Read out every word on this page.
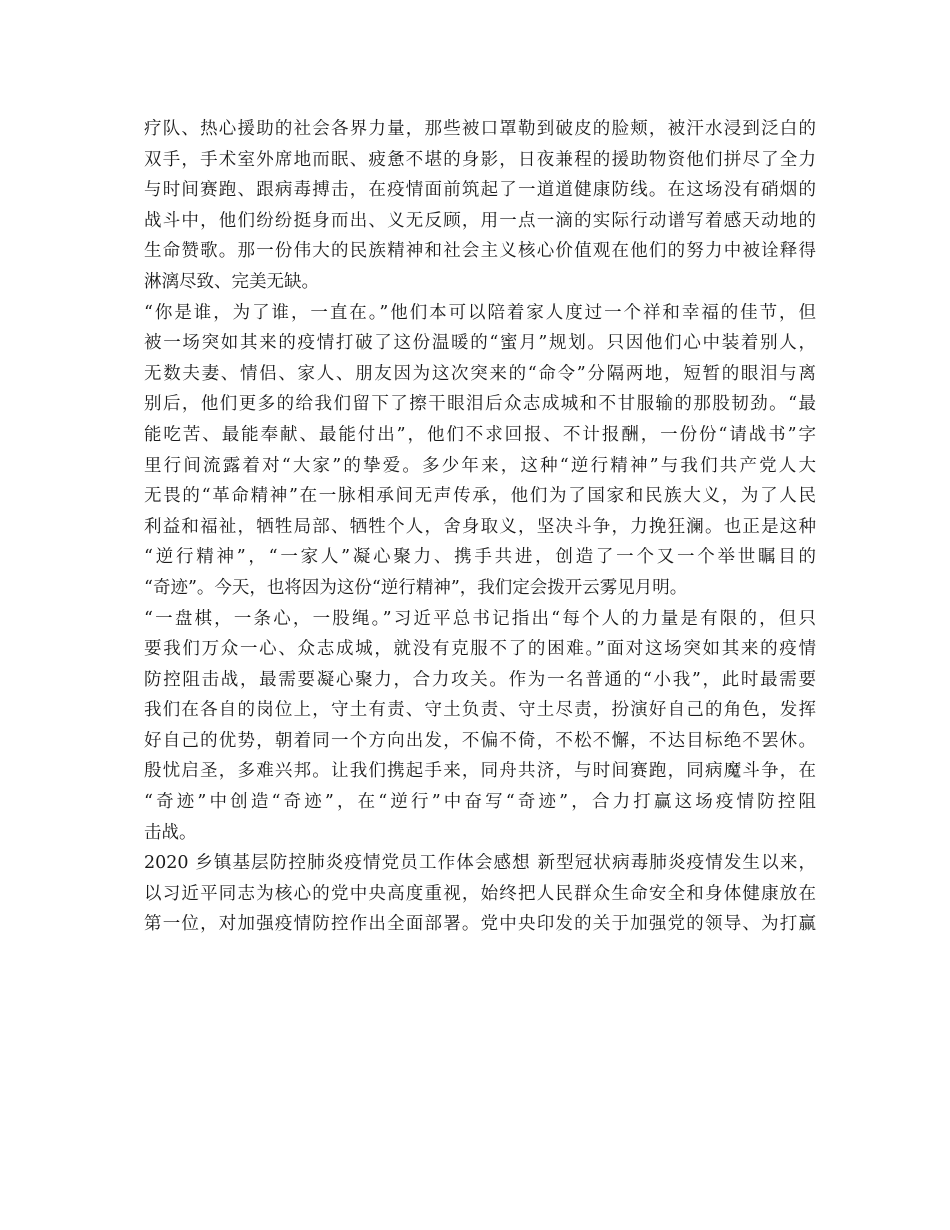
疗队、热心援助的社会各界力量，那些被口罩勒到破皮的脸颊，被汗水浸到泛白的
双手，手术室外席地而眠、疲惫不堪的身影，日夜兼程的援助物资他们拼尽了全力
与时间赛跑、跟病毒搏击，在疫情面前筑起了一道道健康防线。在这场没有硝烟的
战斗中，他们纷纷挺身而出、义无反顾，用一点一滴的实际行动谱写着感天动地的
生命赞歌。那一份伟大的民族精神和社会主义核心价值观在他们的努力中被诠释得
淋漓尽致、完美无缺。
“你是谁，为了谁，一直在。”他们本可以陪着家人度过一个祥和幸福的佳节，但
被一场突如其来的疫情打破了这份温暖的“蜜月”规划。只因他们心中装着别人，
无数夫妻、情侣、家人、朋友因为这次突来的“命令”分隔两地，短暂的眼泪与离
别后，他们更多的给我们留下了擦干眼泪后众志成城和不甘服输的那股韧劲。“最
能吃苦、最能奉献、最能付出”，他们不求回报、不计报酬，一份份“请战书”字
里行间流露着对“大家”的挚爱。多少年来，这种“逆行精神”与我们共产党人大
无畏的“革命精神”在一脉相承间无声传承，他们为了国家和民族大义，为了人民
利益和福祉，牺牲局部、牺牲个人，舍身取义，坚决斗争，力挽狂澜。也正是这种
“逆行精神”，“一家人”凝心聚力、携手共进，创造了一个又一个举世瞩目的
“奇迹”。今天，也将因为这份“逆行精神”，我们定会拨开云雾见月明。
“一盘棋，一条心，一股绳。”习近平总书记指出“每个人的力量是有限的，但只
要我们万众一心、众志成城，就没有克服不了的困难。”面对这场突如其来的疫情
防控阻击战，最需要凝心聚力，合力攻关。作为一名普通的“小我”，此时最需要
我们在各自的岗位上，守土有责、守土负责、守土尽责，扮演好自己的角色，发挥
好自己的优势，朝着同一个方向出发，不偏不倚，不松不懈，不达目标绝不罢休。
殷忧启圣，多难兴邦。让我们携起手来，同舟共济，与时间赛跑，同病魔斗争，在
“奇迹”中创造“奇迹”，在“逆行”中奋写“奇迹”，合力打赢这场疫情防控阻
击战。
2020 乡镇基层防控肺炎疫情党员工作体会感想 新型冠状病毒肺炎疫情发生以来，
以习近平同志为核心的党中央高度重视，始终把人民群众生命安全和身体健康放在
第一位，对加强疫情防控作出全面部署。党中央印发的关于加强党的领导、为打赢
